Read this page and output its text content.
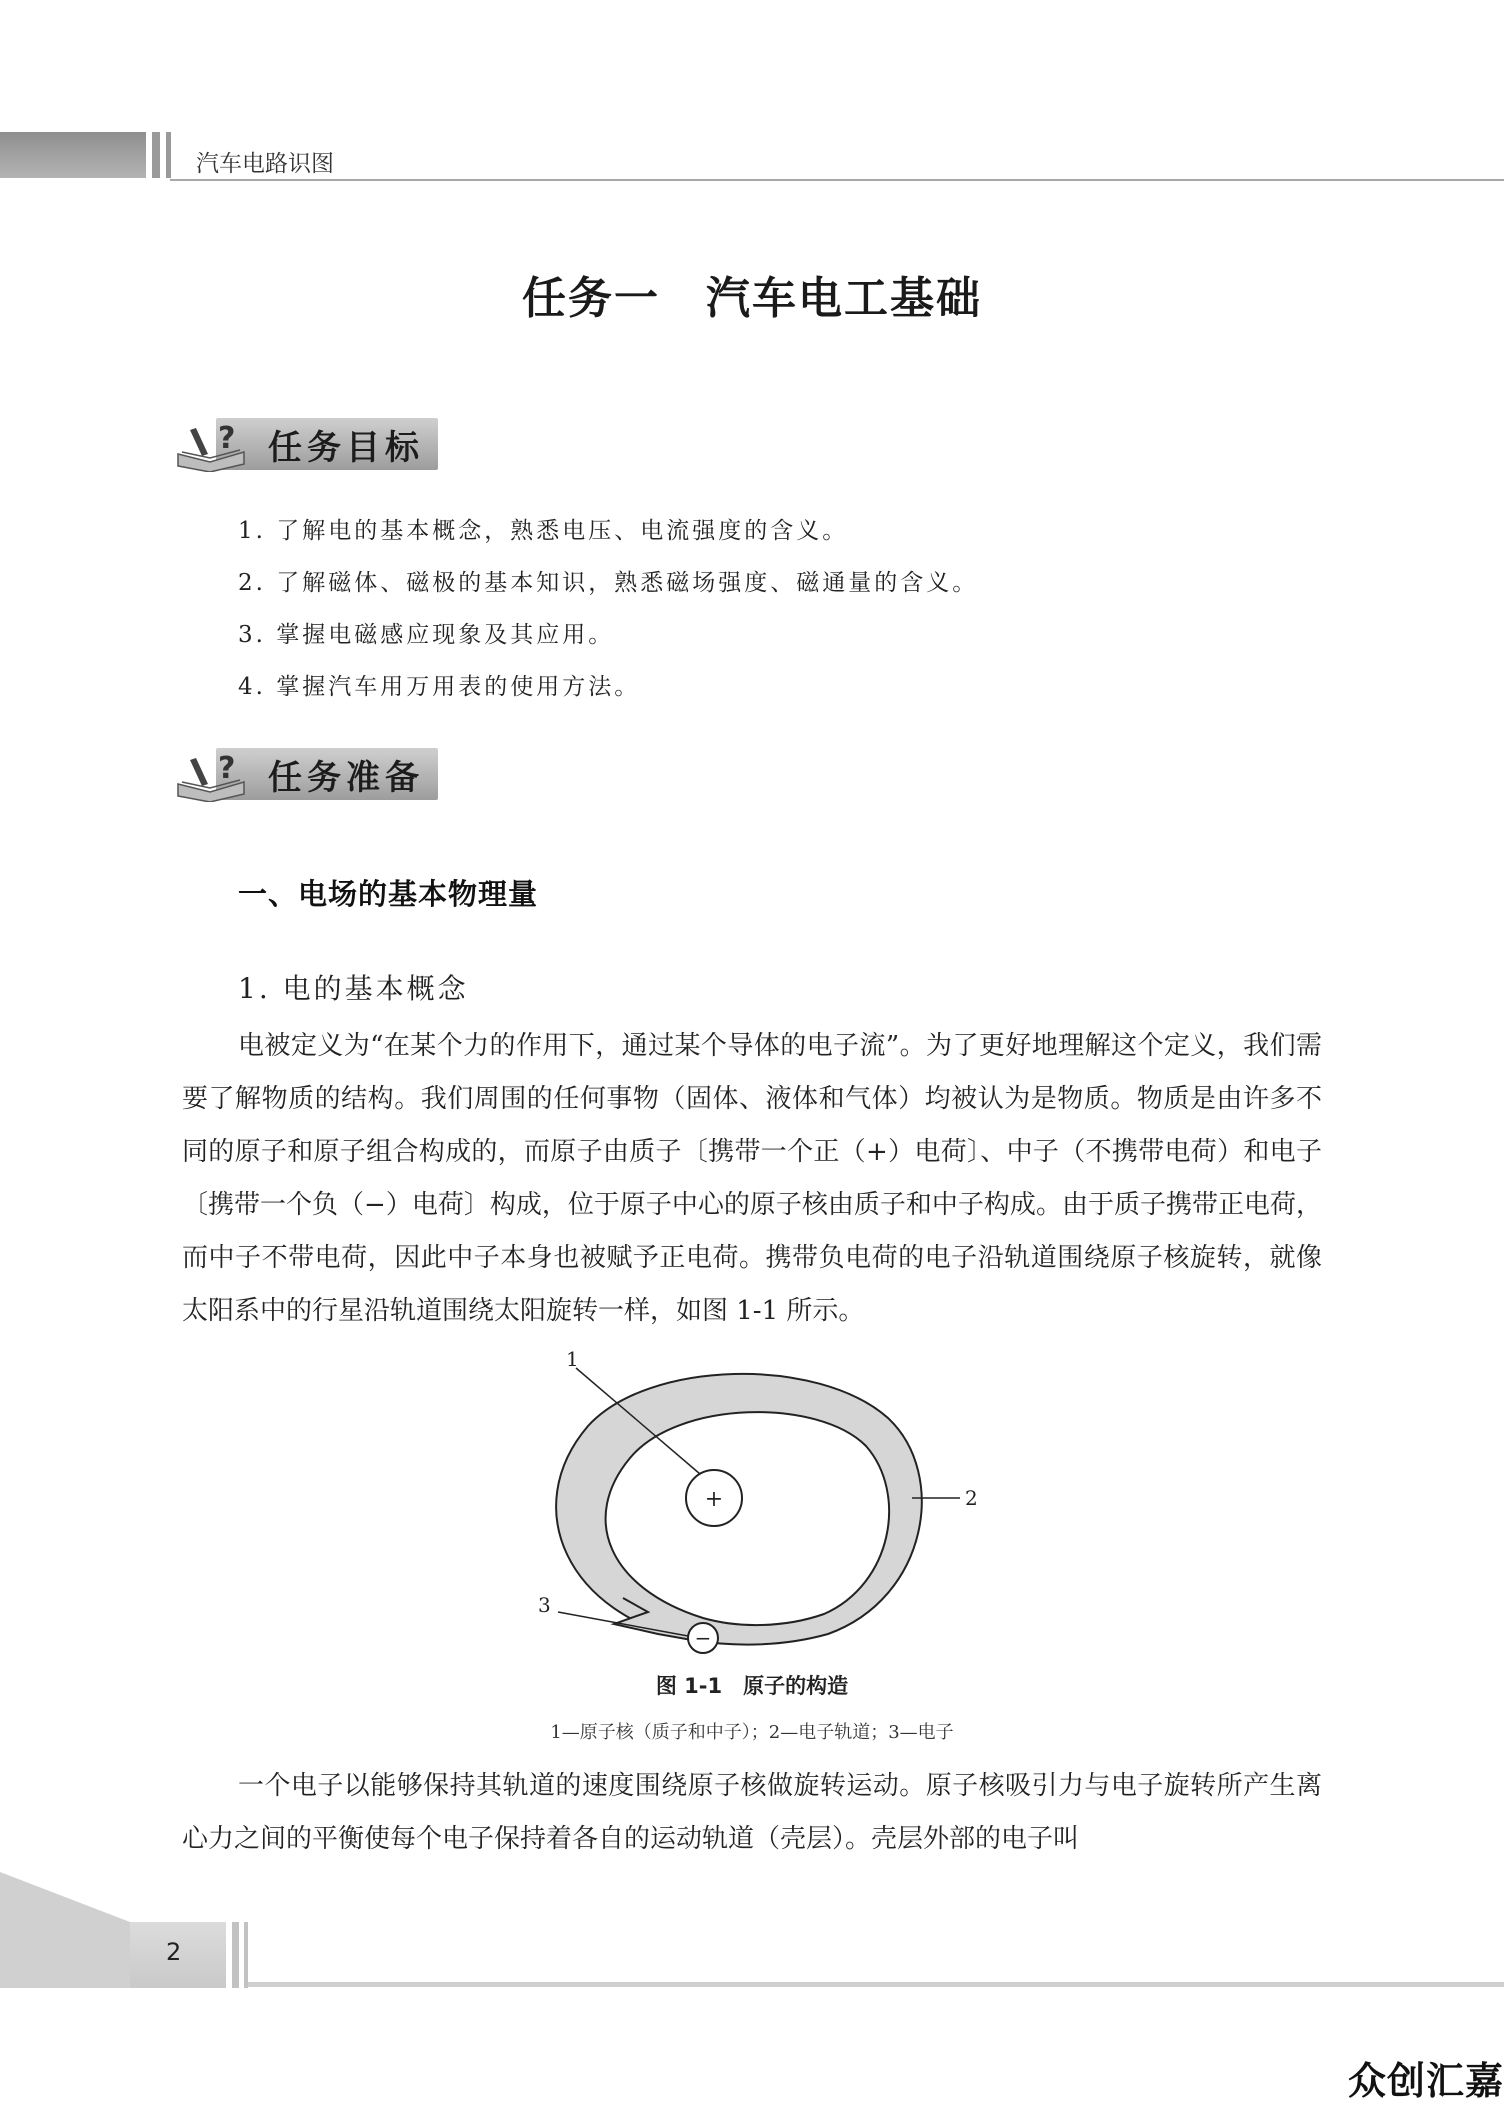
汽车电路识图
任务一　汽车电工基础
? 任务目标
1. 了解电的基本概念，熟悉电压、电流强度的含义。
2. 了解磁体、磁极的基本知识，熟悉磁场强度、磁通量的含义。
3. 掌握电磁感应现象及其应用。
4. 掌握汽车用万用表的使用方法。
? 任务准备
一、电场的基本物理量
1. 电的基本概念

电被定义为“在某个力的作用下，通过某个导体的电子流”。为了更好地理解这个定义，我们需要了解物质的结构。我们周围的任何事物（固体、液体和气体）均被认为是物质。物质是由许多不同的原子和原子组合构成的，而原子由质子〔携带一个正（+）电荷〕、中子（不携带电荷）和电子〔携带一个负（−）电荷〕构成，位于原子中心的原子核由质子和中子构成。由于质子携带正电荷，而中子不带电荷，因此中子本身也被赋予正电荷。携带负电荷的电子沿轨道围绕原子核旋转，就像太阳系中的行星沿轨道围绕太阳旋转一样，如图 1-1 所示。

+
−
1
2
3
图 1-1　原子的构造
1—原子核（质子和中子）；2—电子轨道；3—电子

一个电子以能够保持其轨道的速度围绕原子核做旋转运动。原子核吸引力与电子旋转所产生离心力之间的平衡使每个电子保持着各自的运动轨道（壳层）。壳层外部的电子叫

2
众创汇嘉
